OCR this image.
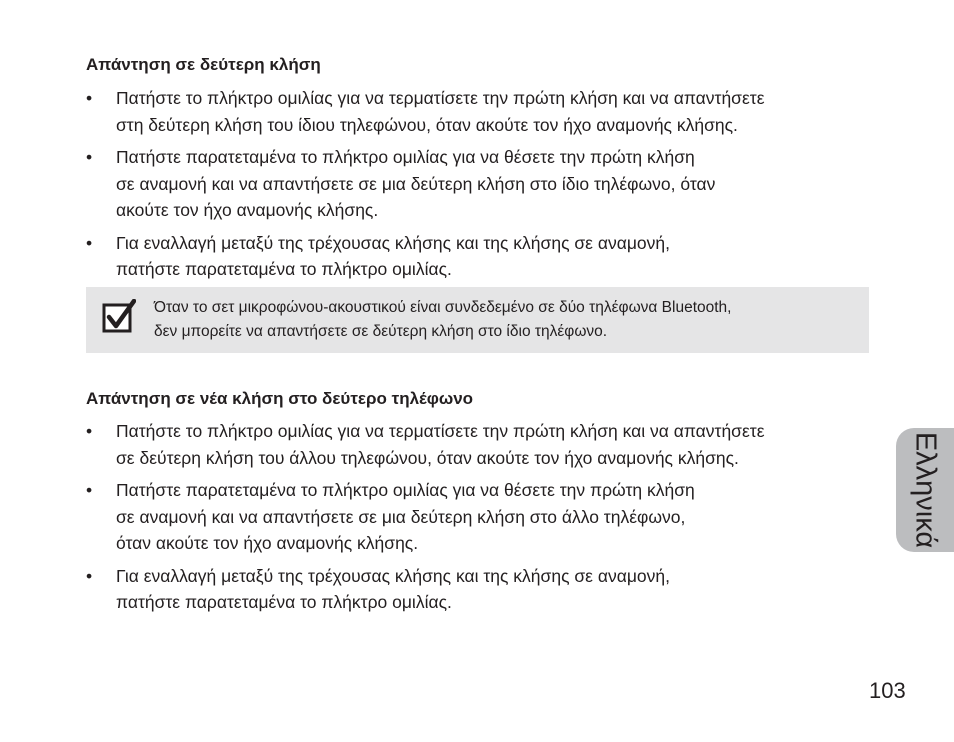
Απάντηση σε δεύτερη κλήση
• Πατήστε το πλήκτρο ομιλίας για να τερματίσετε την πρώτη κλήση και να απαντήσετε
στη δεύτερη κλήση του ίδιου τηλεφώνου, όταν ακούτε τον ήχο αναμονής κλήσης.
• Πατήστε παρατεταμένα το πλήκτρο ομιλίας για να θέσετε την πρώτη κλήση
σε αναμονή και να απαντήσετε σε μια δεύτερη κλήση στο ίδιο τηλέφωνο, όταν
ακούτε τον ήχο αναμονής κλήσης.
• Για εναλλαγή μεταξύ της τρέχουσας κλήσης και της κλήσης σε αναμονή,
πατήστε παρατεταμένα το πλήκτρο ομιλίας.
Όταν το σετ μικροφώνου-ακουστικού είναι συνδεδεμένο σε δύο τηλέφωνα Bluetooth,
δεν μπορείτε να απαντήσετε σε δεύτερη κλήση στο ίδιο τηλέφωνο.
Απάντηση σε νέα κλήση στο δεύτερο τηλέφωνο
• Πατήστε το πλήκτρο ομιλίας για να τερματίσετε την πρώτη κλήση και να απαντήσετε
σε δεύτερη κλήση του άλλου τηλεφώνου, όταν ακούτε τον ήχο αναμονής κλήσης.
• Πατήστε παρατεταμένα το πλήκτρο ομιλίας για να θέσετε την πρώτη κλήση
σε αναμονή και να απαντήσετε σε μια δεύτερη κλήση στο άλλο τηλέφωνο,
όταν ακούτε τον ήχο αναμονής κλήσης.
• Για εναλλαγή μεταξύ της τρέχουσας κλήσης και της κλήσης σε αναμονή,
πατήστε παρατεταμένα το πλήκτρο ομιλίας.
Ελληνικά
103
